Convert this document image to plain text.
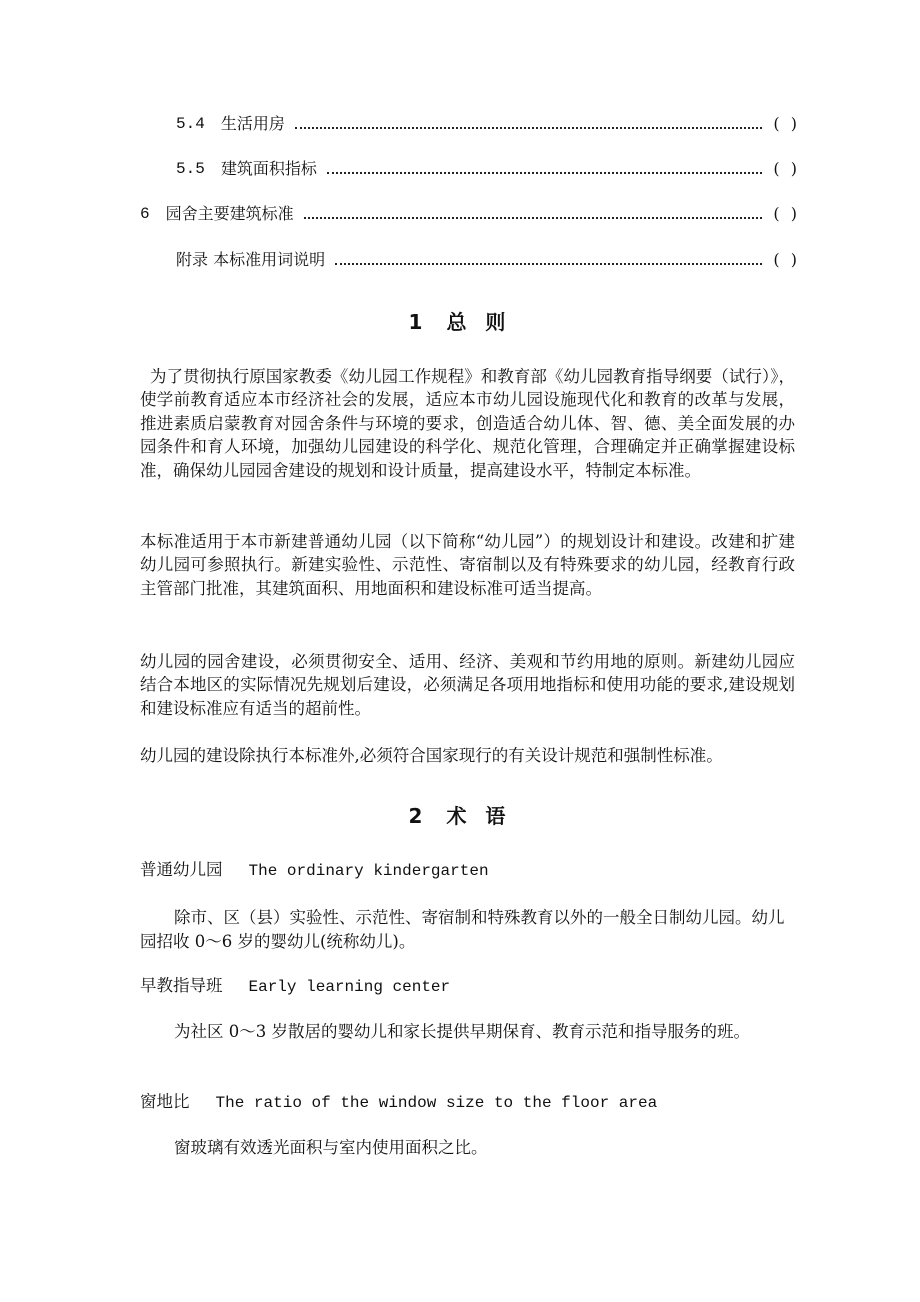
5.4 生活用房	( )
5.5 建筑面积指标	( )
6 园舍主要建筑标准	( )
附录 本标准用词说明	( )
1 总 则

为了贯彻执行原国家教委《幼儿园工作规程》和教育部《幼儿园教育指导纲要（试行）》，使学前教育适应本市经济社会的发展，适应本市幼儿园设施现代化和教育的改革与发展，推进素质启蒙教育对园舍条件与环境的要求，创造适合幼儿体、智、德、美全面发展的办园条件和育人环境，加强幼儿园建设的科学化、规范化管理，合理确定并正确掌握建设标准，确保幼儿园园舍建设的规划和设计质量，提高建设水平，特制定本标准。

本标准适用于本市新建普通幼儿园（以下简称“幼儿园”）的规划设计和建设。改建和扩建幼儿园可参照执行。新建实验性、示范性、寄宿制以及有特殊要求的幼儿园，经教育行政主管部门批准，其建筑面积、用地面积和建设标准可适当提高。

幼儿园的园舍建设，必须贯彻安全、适用、经济、美观和节约用地的原则。新建幼儿园应结合本地区的实际情况先规划后建设，必须满足各项用地指标和使用功能的要求,建设规划和建设标准应有适当的超前性。

幼儿园的建设除执行本标准外,必须符合国家现行的有关设计规范和强制性标准。

2 术 语
普通幼儿园 The ordinary kindergarten

除市、区（县）实验性、示范性、寄宿制和特殊教育以外的一般全日制幼儿园。幼儿园招收 0～6 岁的婴幼儿(统称幼儿)。

早教指导班 Early learning center

为社区 0～3 岁散居的婴幼儿和家长提供早期保育、教育示范和指导服务的班。

窗地比 The ratio of the window size to the floor area

窗玻璃有效透光面积与室内使用面积之比。
